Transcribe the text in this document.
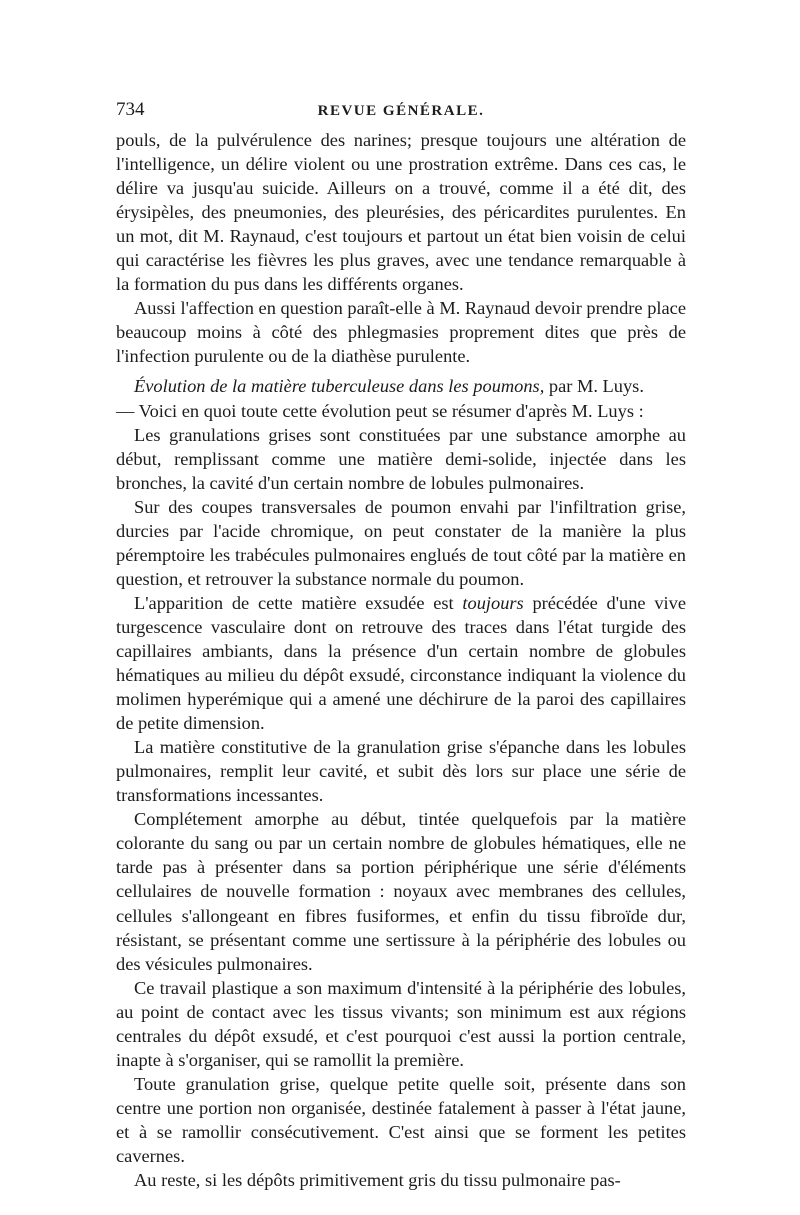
734	REVUE GÉNÉRALE.

pouls, de la pulvérulence des narines; presque toujours une altération de l'intelligence, un délire violent ou une prostration extrême. Dans ces cas, le délire va jusqu'au suicide. Ailleurs on a trouvé, comme il a été dit, des érysipèles, des pneumonies, des pleurésies, des péricardites purulentes. En un mot, dit M. Raynaud, c'est toujours et partout un état bien voisin de celui qui caractérise les fièvres les plus graves, avec une tendance remarquable à la formation du pus dans les différents organes.

Aussi l'affection en question paraît-elle à M. Raynaud devoir prendre place beaucoup moins à côté des phlegmasies proprement dites que près de l'infection purulente ou de la diathèse purulente.

Évolution de la matière tuberculeuse dans les poumons, par M. Luys.

— Voici en quoi toute cette évolution peut se résumer d'après M. Luys :

Les granulations grises sont constituées par une substance amorphe au début, remplissant comme une matière demi-solide, injectée dans les bronches, la cavité d'un certain nombre de lobules pulmonaires.

Sur des coupes transversales de poumon envahi par l'infiltration grise, durcies par l'acide chromique, on peut constater de la manière la plus péremptoire les trabécules pulmonaires englués de tout côté par la matière en question, et retrouver la substance normale du poumon.

L'apparition de cette matière exsudée est toujours précédée d'une vive turgescence vasculaire dont on retrouve des traces dans l'état turgide des capillaires ambiants, dans la présence d'un certain nombre de globules hématiques au milieu du dépôt exsudé, circonstance indiquant la violence du molimen hyperémique qui a amené une déchirure de la paroi des capillaires de petite dimension.

La matière constitutive de la granulation grise s'épanche dans les lobules pulmonaires, remplit leur cavité, et subit dès lors sur place une série de transformations incessantes.

Complétement amorphe au début, tintée quelquefois par la matière colorante du sang ou par un certain nombre de globules hématiques, elle ne tarde pas à présenter dans sa portion périphérique une série d'éléments cellulaires de nouvelle formation : noyaux avec membranes des cellules, cellules s'allongeant en fibres fusiformes, et enfin du tissu fibroïde dur, résistant, se présentant comme une sertissure à la périphérie des lobules ou des vésicules pulmonaires.

Ce travail plastique a son maximum d'intensité à la périphérie des lobules, au point de contact avec les tissus vivants; son minimum est aux régions centrales du dépôt exsudé, et c'est pourquoi c'est aussi la portion centrale, inapte à s'organiser, qui se ramollit la première.

Toute granulation grise, quelque petite quelle soit, présente dans son centre une portion non organisée, destinée fatalement à passer à l'état jaune, et à se ramollir consécutivement. C'est ainsi que se forment les petites cavernes.

Au reste, si les dépôts primitivement gris du tissu pulmonaire pas-
